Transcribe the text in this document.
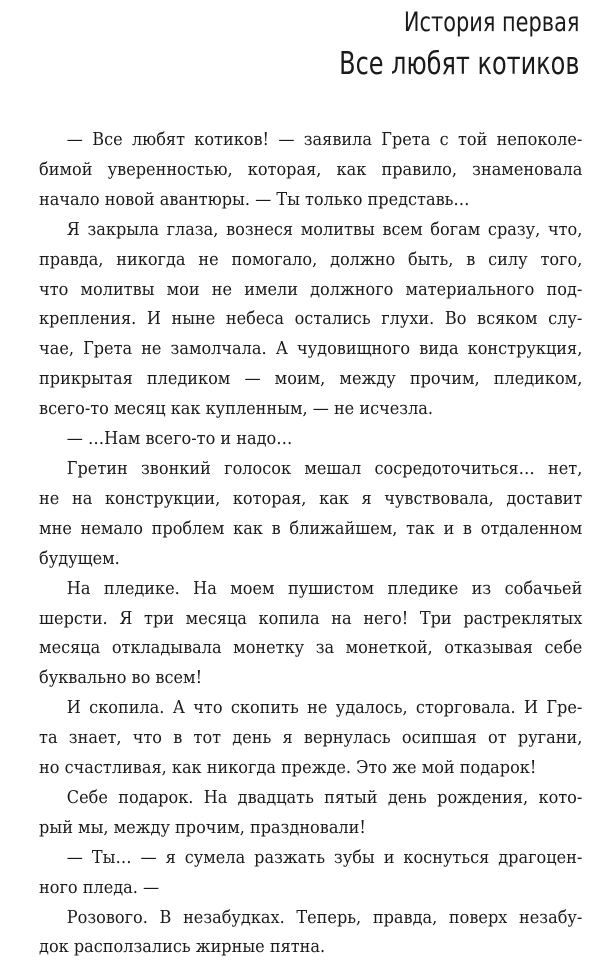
История первая
Все любят котиков
— Все любят котиков! — заявила Грета с той непоколе-
бимой уверенностью, которая, как правило, знаменовала
начало новой авантюры. — Ты только представь…
Я закрыла глаза, вознеся молитвы всем богам сразу, что,
правда, никогда не помогало, должно быть, в силу того,
что молитвы мои не имели должного материального под-
крепления. И ныне небеса остались глухи. Во всяком слу-
чае, Грета не замолчала. А чудовищного вида конструкция,
прикрытая пледиком — моим, между прочим, пледиком,
всего-то месяц как купленным, — не исчезла.
— …Нам всего-то и надо…
Гретин звонкий голосок мешал сосредоточиться… нет,
не на конструкции, которая, как я чувствовала, доставит
мне немало проблем как в ближайшем, так и в отдаленном
будущем.
На пледике. На моем пушистом пледике из собачьей
шерсти. Я три месяца копила на него! Три растреклятых
месяца откладывала монетку за монеткой, отказывая себе
буквально во всем!
И скопила. А что скопить не удалось, сторговала. И Гре-
та знает, что в тот день я вернулась осипшая от ругани,
но счастливая, как никогда прежде. Это же мой подарок!
Себе подарок. На двадцать пятый день рождения, кото-
рый мы, между прочим, праздновали!
— Ты… — я сумела разжать зубы и коснуться драгоцен-
ного пледа. —
Розового. В незабудках. Теперь, правда, поверх незабу-
док расползались жирные пятна.
